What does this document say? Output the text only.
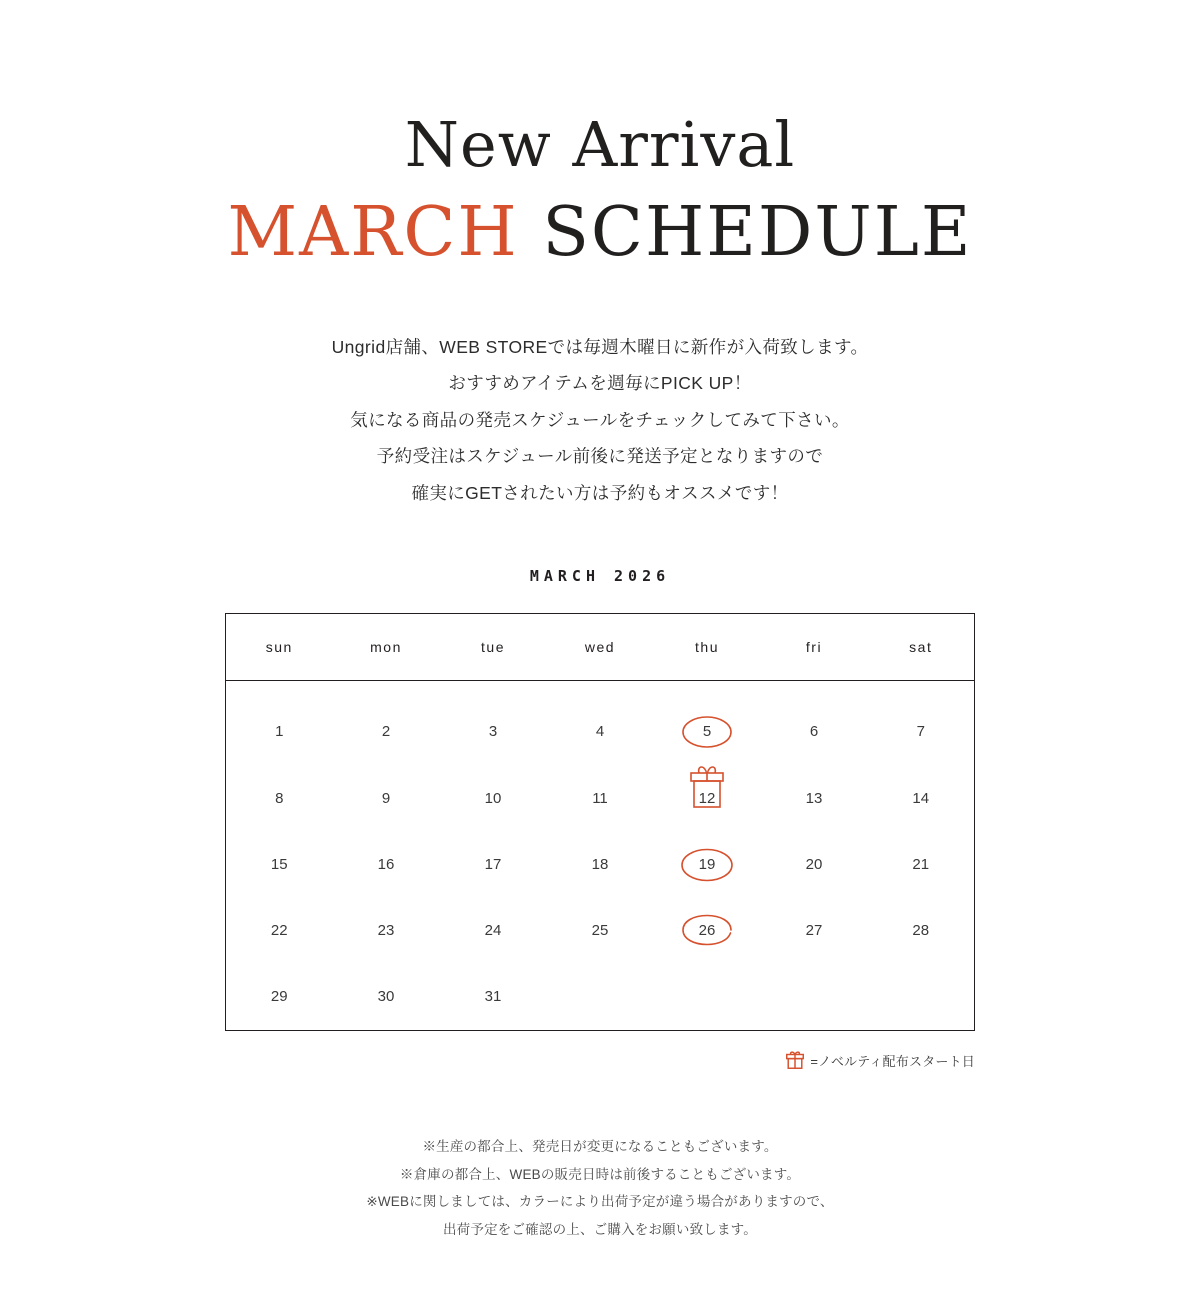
New Arrival
MARCH SCHEDULE
Ungrid店舗、WEB STOREでは毎週木曜日に新作が入荷致します。
おすすめアイテムを週毎にPICK UP！
気になる商品の発売スケジュールをチェックしてみて下さい。
予約受注はスケジュール前後に発送予定となりますので
確実にGETされたい方は予約もオススメです！
MARCH 2026
sun	mon	tue	wed	thu	fri	sat
1	2	3	4	5	6	7
8	9	10	11	12	13	14
15	16	17	18	19	20	21
22	23	24	25	26	27	28
29	30	31				
=ノベルティ配布スタート日
※生産の都合上、発売日が変更になることもございます。
※倉庫の都合上、WEBの販売日時は前後することもございます。
※WEBに関しましては、カラーにより出荷予定が違う場合がありますので、
出荷予定をご確認の上、ご購入をお願い致します。
